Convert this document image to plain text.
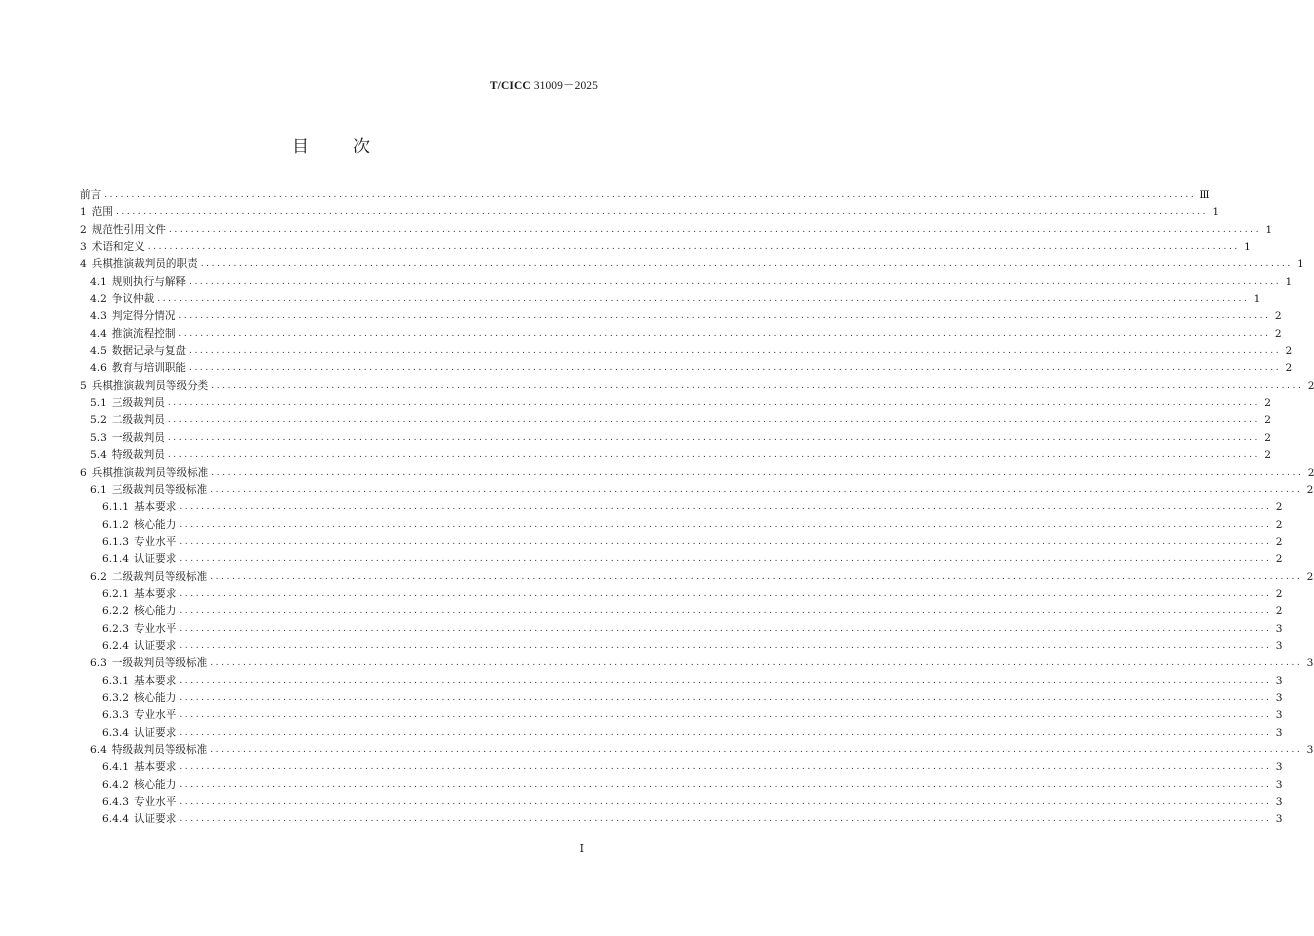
T/CICC 31009－2025
目	次
前言 ........................................................................................................................................................................................................ Ⅲ
1 范围 ........................................................................................................................................................................................................ 1
2 规范性引用文件 ........................................................................................................................................................................................................ 1
3 术语和定义 ........................................................................................................................................................................................................ 1
4 兵棋推演裁判员的职责 ........................................................................................................................................................................................................ 1
4.1 规则执行与解释 ........................................................................................................................................................................................................ 1
4.2 争议仲裁 ........................................................................................................................................................................................................ 1
4.3 判定得分情况 ........................................................................................................................................................................................................ 2
4.4 推演流程控制 ........................................................................................................................................................................................................ 2
4.5 数据记录与复盘 ........................................................................................................................................................................................................ 2
4.6 教育与培训职能 ........................................................................................................................................................................................................ 2
5 兵棋推演裁判员等级分类 ........................................................................................................................................................................................................ 2
5.1 三级裁判员 ........................................................................................................................................................................................................ 2
5.2 二级裁判员 ........................................................................................................................................................................................................ 2
5.3 一级裁判员 ........................................................................................................................................................................................................ 2
5.4 特级裁判员 ........................................................................................................................................................................................................ 2
6 兵棋推演裁判员等级标准 ........................................................................................................................................................................................................ 2
6.1 三级裁判员等级标准 ........................................................................................................................................................................................................ 2
6.1.1 基本要求 ........................................................................................................................................................................................................ 2
6.1.2 核心能力 ........................................................................................................................................................................................................ 2
6.1.3 专业水平 ........................................................................................................................................................................................................ 2
6.1.4 认证要求 ........................................................................................................................................................................................................ 2
6.2 二级裁判员等级标准 ........................................................................................................................................................................................................ 2
6.2.1 基本要求 ........................................................................................................................................................................................................ 2
6.2.2 核心能力 ........................................................................................................................................................................................................ 2
6.2.3 专业水平 ........................................................................................................................................................................................................ 3
6.2.4 认证要求 ........................................................................................................................................................................................................ 3
6.3 一级裁判员等级标准 ........................................................................................................................................................................................................ 3
6.3.1 基本要求 ........................................................................................................................................................................................................ 3
6.3.2 核心能力 ........................................................................................................................................................................................................ 3
6.3.3 专业水平 ........................................................................................................................................................................................................ 3
6.3.4 认证要求 ........................................................................................................................................................................................................ 3
6.4 特级裁判员等级标准 ........................................................................................................................................................................................................ 3
6.4.1 基本要求 ........................................................................................................................................................................................................ 3
6.4.2 核心能力 ........................................................................................................................................................................................................ 3
6.4.3 专业水平 ........................................................................................................................................................................................................ 3
6.4.4 认证要求 ........................................................................................................................................................................................................ 3
I
